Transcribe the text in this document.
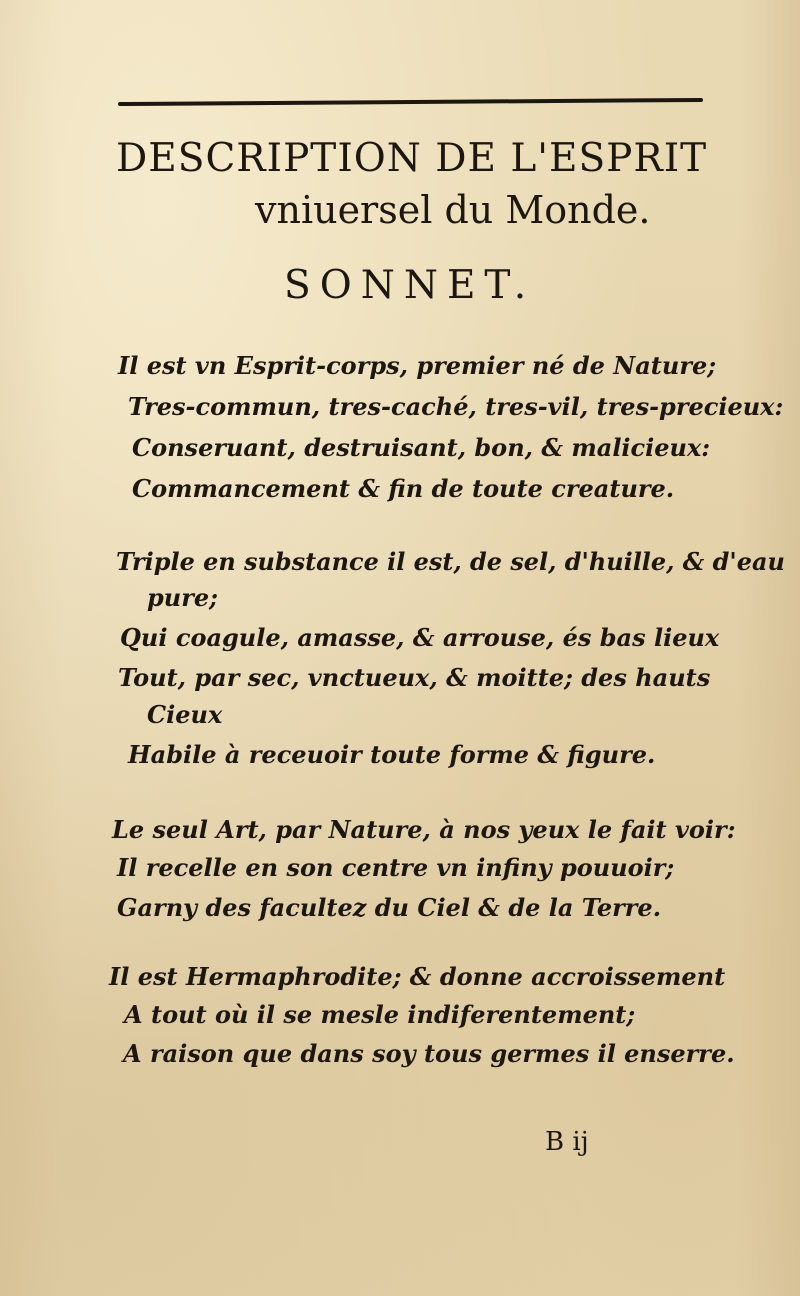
DESCRIPTION DE L'ESPRIT
vniuersel du Monde.
SONNET.
Il est vn Esprit-corps, premier né de Nature;
Tres-commun, tres-caché, tres-vil, tres-precieux:
Conseruant, destruisant, bon, & malicieux:
Commancement & fin de toute creature.
Triple en substance il est, de sel, d'huille, & d'eau
pure;
Qui coagule, amasse, & arrouse, és bas lieux
Tout, par sec, vnctueux, & moitte; des hauts
Cieux
Habile à receuoir toute forme & figure.
Le seul Art, par Nature, à nos yeux le fait voir:
Il recelle en son centre vn infiny pouuoir;
Garny des facultez du Ciel & de la Terre.
Il est Hermaphrodite; & donne accroissement
A tout où il se mesle indiferentement;
A raison que dans soy tous germes il enserre.
B ij
